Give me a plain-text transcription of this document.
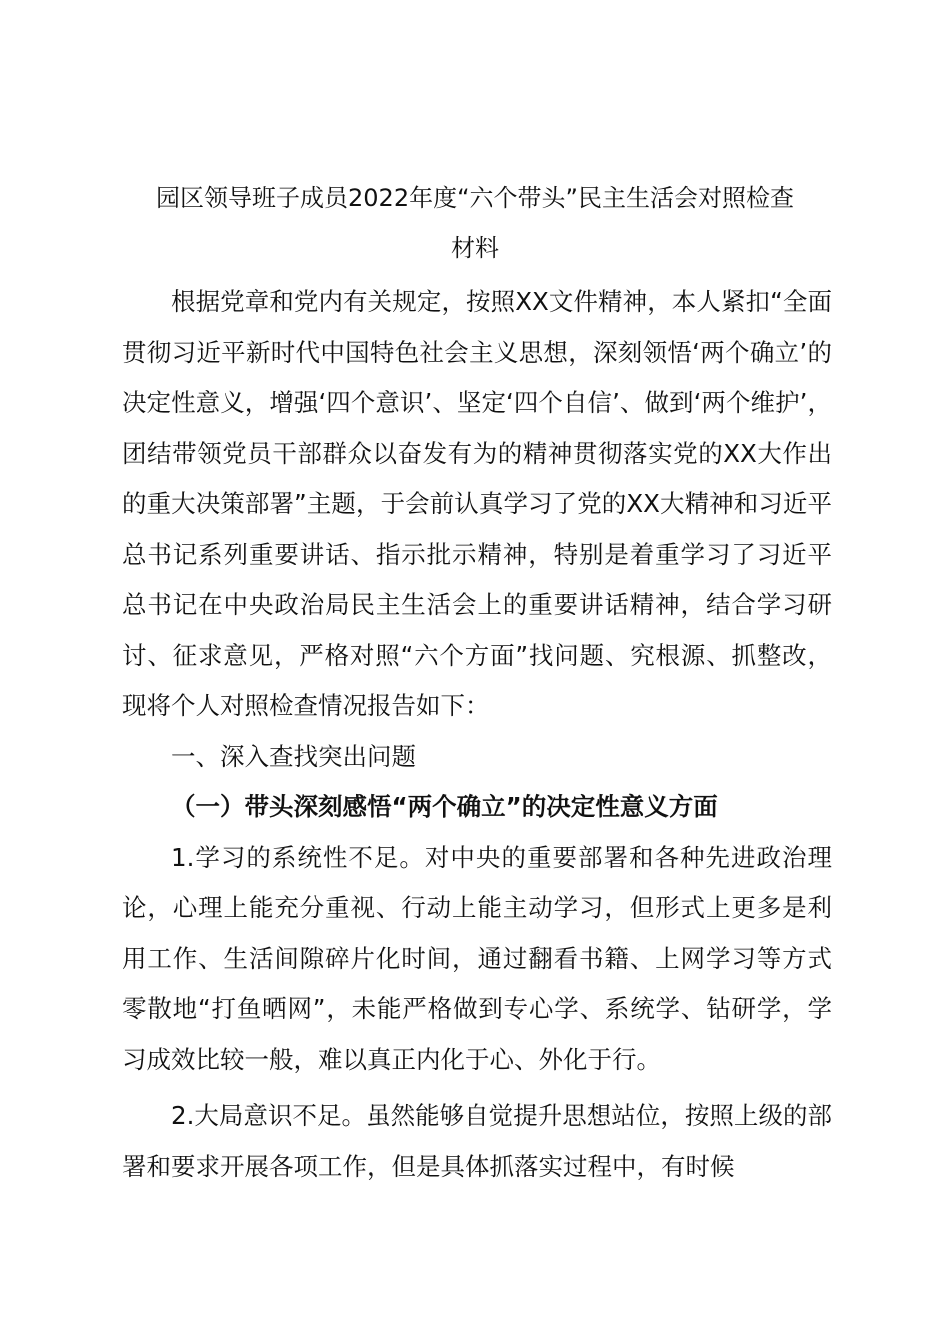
园区领导班子成员2022年度“六个带头”民主生活会对照检查
材料

根据党章和党内有关规定，按照XX文件精神，本人紧扣“全面贯彻习近平新时代中国特色社会主义思想，深刻领悟‘两个确立’的决定性意义，增强‘四个意识’、坚定‘四个自信’、做到‘两个维护’，团结带领党员干部群众以奋发有为的精神贯彻落实党的XX大作出的重大决策部署”主题，于会前认真学习了党的XX大精神和习近平总书记系列重要讲话、指示批示精神，特别是着重学习了习近平总书记在中央政治局民主生活会上的重要讲话精神，结合学习研讨、征求意见，严格对照“六个方面”找问题、究根源、抓整改，现将个人对照检查情况报告如下：

一、深入查找突出问题

（一）带头深刻感悟“两个确立”的决定性意义方面

1.学习的系统性不足。对中央的重要部署和各种先进政治理论，心理上能充分重视、行动上能主动学习，但形式上更多是利用工作、生活间隙碎片化时间，通过翻看书籍、上网学习等方式零散地“打鱼晒网”，未能严格做到专心学、系统学、钻研学，学习成效比较一般，难以真正内化于心、外化于行。

2.大局意识不足。虽然能够自觉提升思想站位，按照上级的部署和要求开展各项工作，但是具体抓落实过程中，有时候
